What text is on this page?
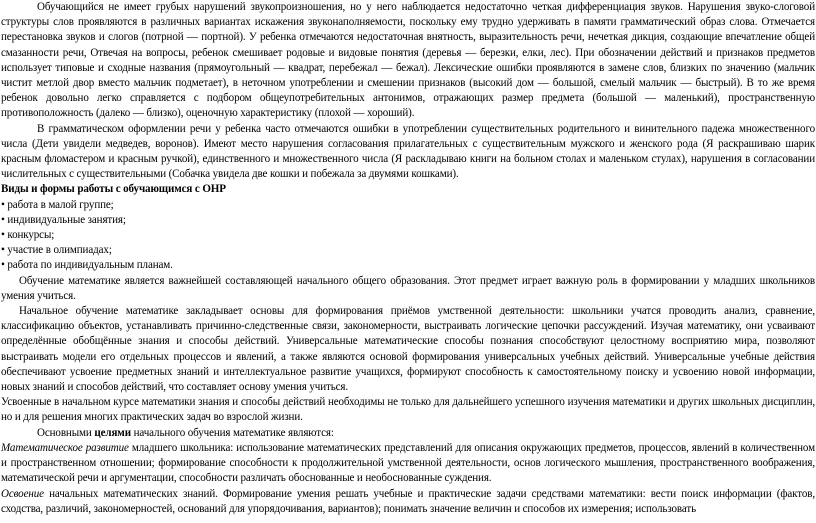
Обучающийся не имеет грубых нарушений звукопроизношения, но у него наблюдается недостаточно четкая дифференциация звуков. Нарушения звуко-слоговой структуры слов проявляются в различных вариантах искажения звуконаполняемости, поскольку ему трудно удерживать в памяти грамматический образ слова. Отмечается перестановка звуков и слогов (потрной — портной). У ребенка отмечаются недостаточная внятность, выразительность речи, нечеткая дикция, создающие впечатление общей смазанности речи, Отвечая на вопросы, ребенок смешивает родовые и видовые понятия (деревья — березки, елки, лес). При обозначении действий и признаков предметов использует типовые и сходные названия (прямоугольный — квадрат, перебежал — бежал). Лексические ошибки проявляются в замене слов, близких по значению (мальчик чистит метлой двор вместо мальчик подметает), в неточном употреблении и смешении признаков (высокий дом — большой, смелый мальчик — быстрый). В то же время ребенок довольно легко справляется с подбором общеупотребительных антонимов, отражающих размер предмета (большой — маленький), пространственную противоположность (далеко — близко), оценочную характеристику (плохой — хороший).

В грамматическом оформлении речи у ребенка часто отмечаются ошибки в употреблении существительных родительного и винительного падежа множественного числа (Дети увидели медведев, воронов). Имеют место нарушения согласования прилагательных с существительным мужского и женского рода (Я раскрашиваю шарик красным фломастером и красным ручкой), единственного и множественного числа (Я раскладываю книги на больном столах и маленьком стулах), нарушения в согласовании числительных с существительными (Собачка увидела две кошки и побежала за двумями кошками).

Виды и формы работы с обучающимся с ОНР

• работа в малой группе;

• индивидуальные занятия;

• конкурсы;

• участие в олимпиадах;

• работа по индивидуальным планам.

Обучение математике является важнейшей составляющей начального общего образования. Этот предмет играет важную роль в формировании у младших школьников умения учиться.

Начальное обучение математике закладывает основы для формирования приёмов умственной деятельности: школьники учатся проводить анализ, сравнение, классификацию объектов, устанавливать причинно-следственные связи, закономерности, выстраивать логические цепочки рассуждений. Изучая математику, они усваивают определённые обобщённые знания и способы действий. Универсальные математические способы познания способствуют целостному восприятию мира, позволяют выстраивать модели его отдельных процессов и явлений, а также являются основой формирования универсальных учебных действий. Универсальные учебные действия обеспечивают усвоение предметных знаний и интеллектуальное развитие учащихся, формируют способность к самостоятельному поиску и усвоению новой информации, новых знаний и способов действий, что составляет основу умения учиться.

Усвоенные в начальном курсе математики знания и способы действий необходимы не только для дальнейшего успешного изучения математики и других школьных дисциплин, но и для решения многих практических задач во взрослой жизни.

Основными целями начального обучения математике являются:

Математическое развитие младшего школьника: использование математических представлений для описания окружающих предметов, процессов, явлений в количественном и пространственном отношении; формирование способности к продолжительной умственной деятельности, основ логического мышления, пространственного воображения, математической речи и аргументации, способности различать обоснованные и необоснованные суждения.

Освоение начальных математических знаний. Формирование умения решать учебные и практические задачи средствами математики: вести поиск информации (фактов, сходства, различий, закономерностей, оснований для упорядочивания, вариантов); понимать значение величин и способов их измерения; использовать
